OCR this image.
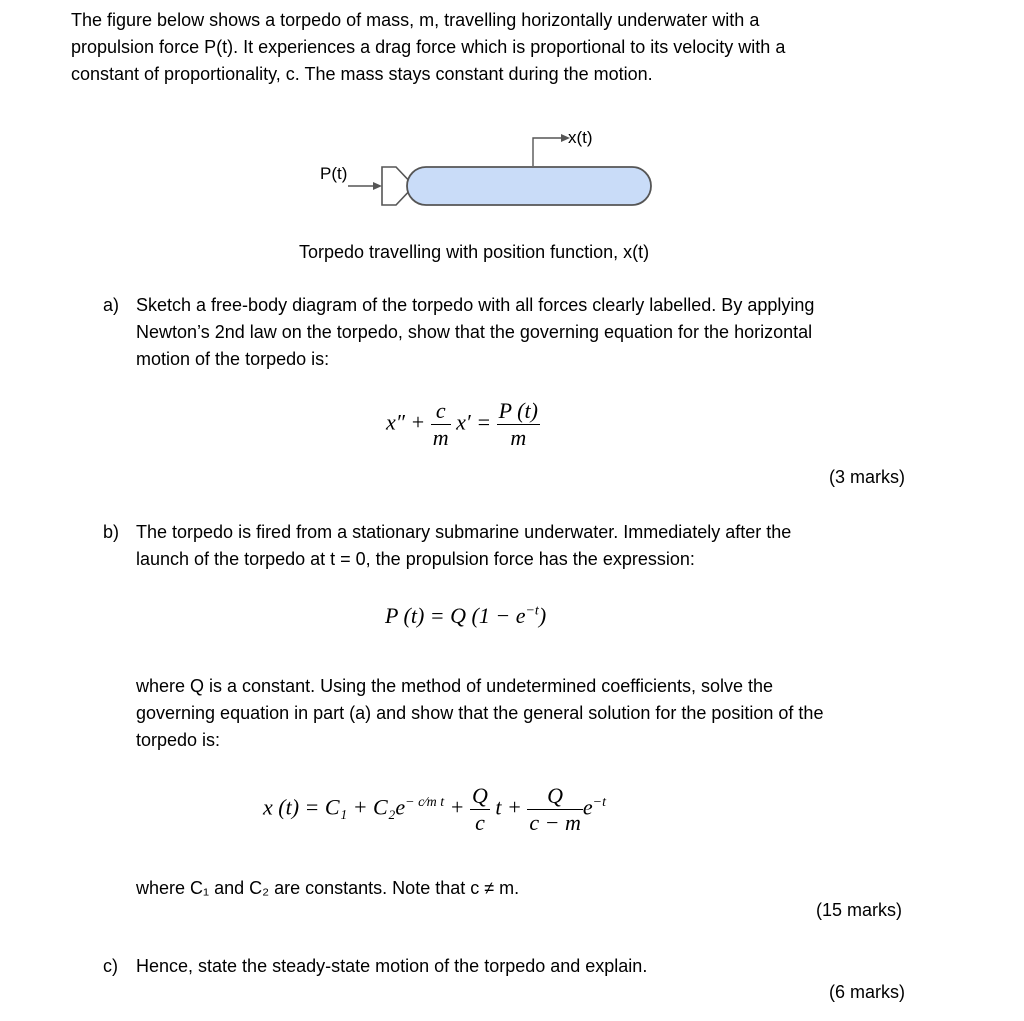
The figure below shows a torpedo of mass, m, travelling horizontally underwater with a
propulsion force P(t). It experiences a drag force which is proportional to its velocity with a
constant of proportionality, c. The mass stays constant during the motion.
x(t)
P(t)
Torpedo travelling with position function, x(t)
a) Sketch a free-body diagram of the torpedo with all forces clearly labelled. By applying
Newton’s 2nd law on the torpedo, show that the governing equation for the horizontal
motion of the torpedo is:
$x'' + \frac{c}{m} x' = \frac{P (t)}{m}$
(3 marks)
b) The torpedo is fired from a stationary submarine underwater. Immediately after the
launch of the torpedo at t = 0, the propulsion force has the expression:
P (t) = Q $(1 - e^{-t})$
where Q is a constant. Using the method of undetermined coefficients, solve the
governing equation in part (a) and show that the general solution for the position of the
torpedo is:
x $(t) = C_1 + C_2e^{- c⁄m t} + \frac{Q}{c}$ $t + \frac{Q}{c - m} e^{-t}$
where C₁ and C₂ are constants. Note that c ≠ m.
(15 marks)
c) Hence, state the steady-state motion of the torpedo and explain.
(6 marks)
